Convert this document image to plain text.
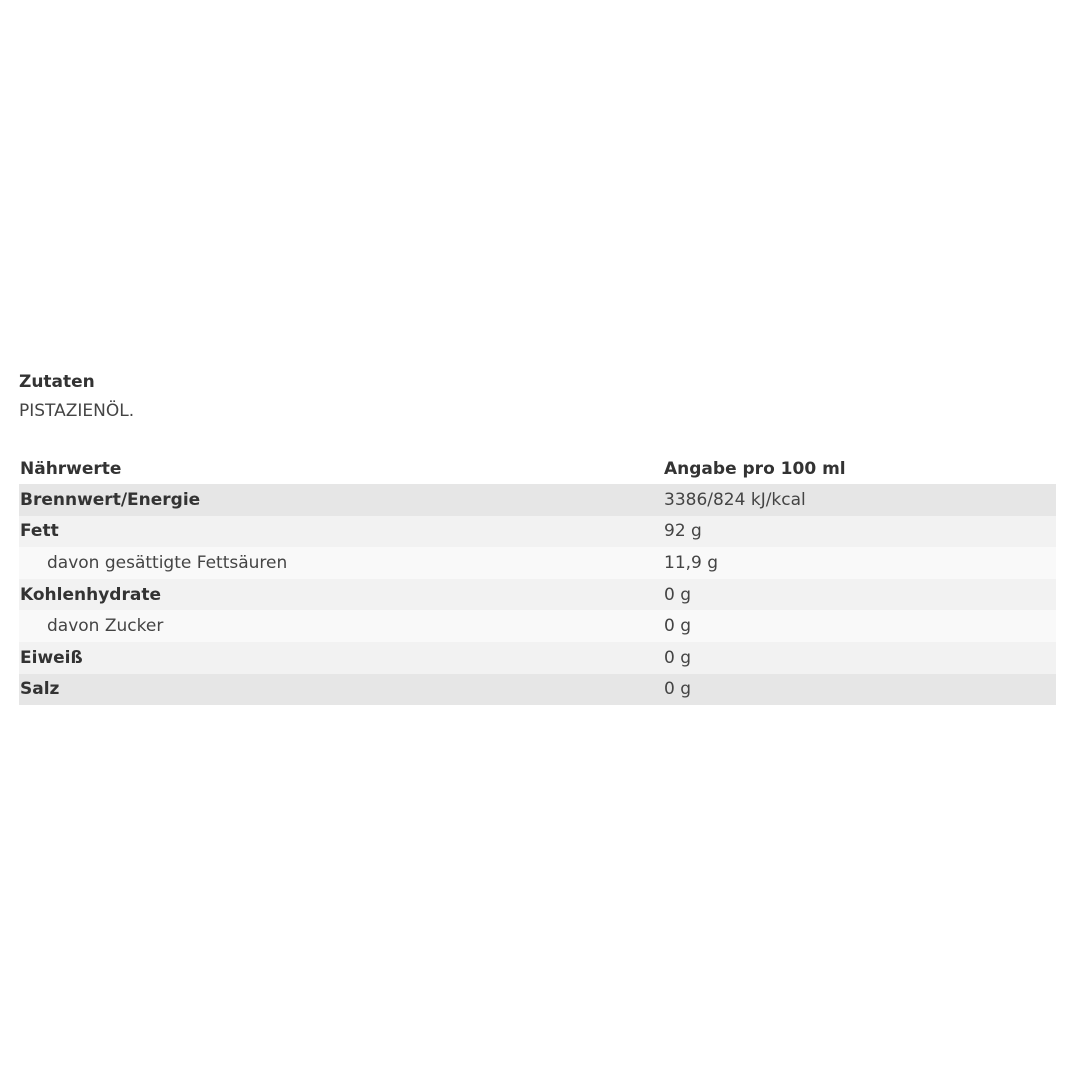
Zutaten

PISTAZIENÖL.

Nährwerte	Angabe pro 100 ml
Brennwert/Energie	3386/824 kJ/kcal
Fett	92 g
davon gesättigte Fettsäuren	11,9 g
Kohlenhydrate	0 g
davon Zucker	0 g
Eiweiß	0 g
Salz	0 g
